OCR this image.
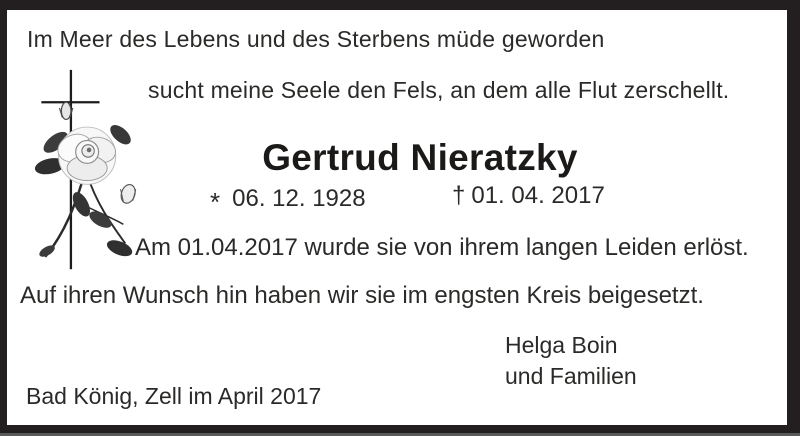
Im Meer des Lebens und des Sterbens müde geworden
sucht meine Seele den Fels, an dem alle Flut zerschellt.
Gertrud Nieratzky
* 06. 12. 1928	† 01. 04. 2017
Am 01.04.2017 wurde sie von ihrem langen Leiden erlöst.
Auf ihren Wunsch hin haben wir sie im engsten Kreis beigesetzt.
Helga Boin
und Familien
Bad König, Zell im April 2017
